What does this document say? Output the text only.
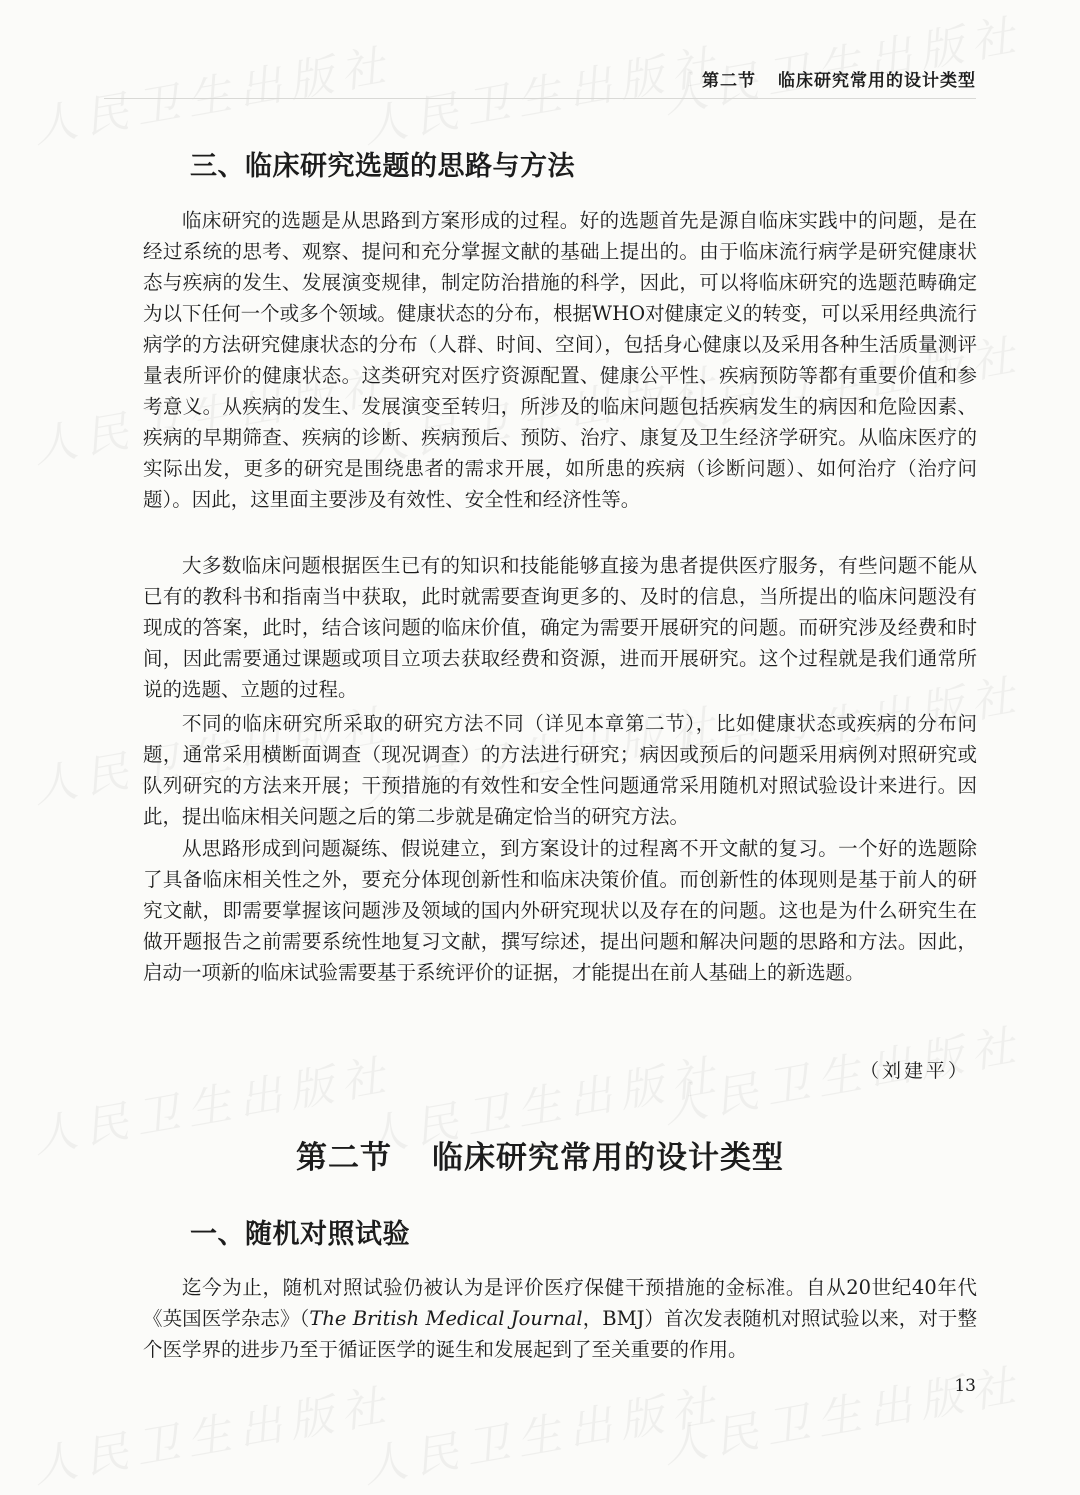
第二节 临床研究常用的设计类型
三、临床研究选题的思路与方法

临床研究的选题是从思路到方案形成的过程。好的选题首先是源自临床实践中的问题，是在经过系统的思考、观察、提问和充分掌握文献的基础上提出的。由于临床流行病学是研究健康状态与疾病的发生、发展演变规律，制定防治措施的科学，因此，可以将临床研究的选题范畴确定为以下任何一个或多个领域。健康状态的分布，根据WHO对健康定义的转变，可以采用经典流行病学的方法研究健康状态的分布（人群、时间、空间），包括身心健康以及采用各种生活质量测评量表所评价的健康状态。这类研究对医疗资源配置、健康公平性、疾病预防等都有重要价值和参考意义。从疾病的发生、发展演变至转归，所涉及的临床问题包括疾病发生的病因和危险因素、疾病的早期筛查、疾病的诊断、疾病预后、预防、治疗、康复及卫生经济学研究。从临床医疗的实际出发，更多的研究是围绕患者的需求开展，如所患的疾病（诊断问题）、如何治疗（治疗问题）。因此，这里面主要涉及有效性、安全性和经济性等。

大多数临床问题根据医生已有的知识和技能能够直接为患者提供医疗服务，有些问题不能从已有的教科书和指南当中获取，此时就需要查询更多的、及时的信息，当所提出的临床问题没有现成的答案，此时，结合该问题的临床价值，确定为需要开展研究的问题。而研究涉及经费和时间，因此需要通过课题或项目立项去获取经费和资源，进而开展研究。这个过程就是我们通常所说的选题、立题的过程。

不同的临床研究所采取的研究方法不同（详见本章第二节），比如健康状态或疾病的分布问题，通常采用横断面调查（现况调查）的方法进行研究；病因或预后的问题采用病例对照研究或队列研究的方法来开展；干预措施的有效性和安全性问题通常采用随机对照试验设计来进行。因此，提出临床相关问题之后的第二步就是确定恰当的研究方法。

从思路形成到问题凝练、假说建立，到方案设计的过程离不开文献的复习。一个好的选题除了具备临床相关性之外，要充分体现创新性和临床决策价值。而创新性的体现则是基于前人的研究文献，即需要掌握该问题涉及领域的国内外研究现状以及存在的问题。这也是为什么研究生在做开题报告之前需要系统性地复习文献，撰写综述，提出问题和解决问题的思路和方法。因此，启动一项新的临床试验需要基于系统评价的证据，才能提出在前人基础上的新选题。

（刘建平）
第二节 临床研究常用的设计类型
一、随机对照试验

迄今为止，随机对照试验仍被认为是评价医疗保健干预措施的金标准。自从20世纪40年代《英国医学杂志》（The British Medical Journal，BMJ）首次发表随机对照试验以来，对于整个医学界的进步乃至于循证医学的诞生和发展起到了至关重要的作用。

13
